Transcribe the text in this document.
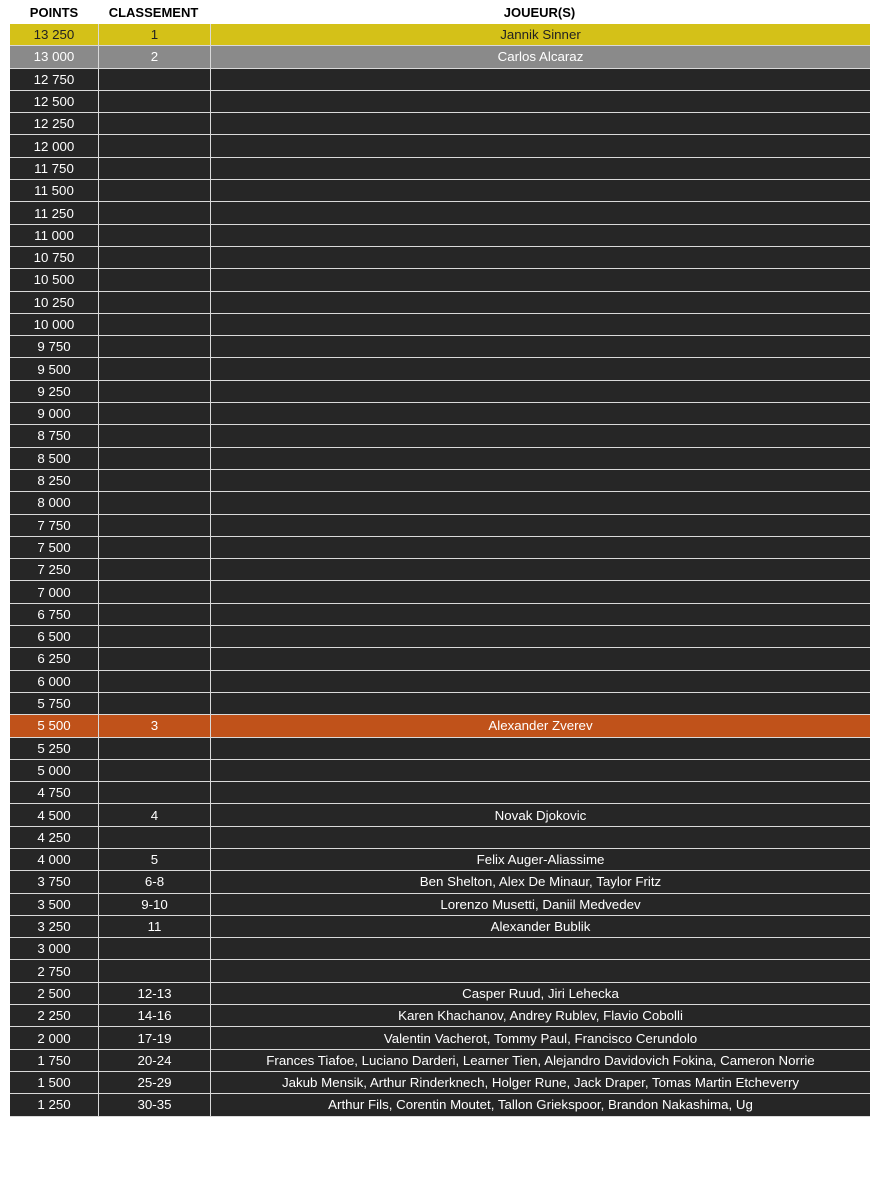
POINTS	CLASSEMENT	JOUEUR(S)
13 250	1	Jannik Sinner
13 000	2	Carlos Alcaraz
12 750
12 500
12 250
12 000
11 750
11 500
11 250
11 000
10 750
10 500
10 250
10 000
9 750
9 500
9 250
9 000
8 750
8 500
8 250
8 000
7 750
7 500
7 250
7 000
6 750
6 500
6 250
6 000
5 750
5 500	3	Alexander Zverev
5 250
5 000
4 750
4 500	4	Novak Djokovic
4 250
4 000	5	Felix Auger-Aliassime
3 750	6-8	Ben Shelton, Alex De Minaur, Taylor Fritz
3 500	9-10	Lorenzo Musetti, Daniil Medvedev
3 250	11	Alexander Bublik
3 000
2 750
2 500	12-13	Casper Ruud, Jiri Lehecka
2 250	14-16	Karen Khachanov, Andrey Rublev, Flavio Cobolli
2 000	17-19	Valentin Vacherot, Tommy Paul, Francisco Cerundolo
1 750	20-24	Frances Tiafoe, Luciano Darderi, Learner Tien, Alejandro Davidovich Fokina, Cameron Norrie
1 500	25-29	Jakub Mensik, Arthur Rinderknech, Holger Rune, Jack Draper, Tomas Martin Etcheverry
1 250	30-35	Arthur Fils, Corentin Moutet, Tallon Griekspoor, Brandon Nakashima, Ug
